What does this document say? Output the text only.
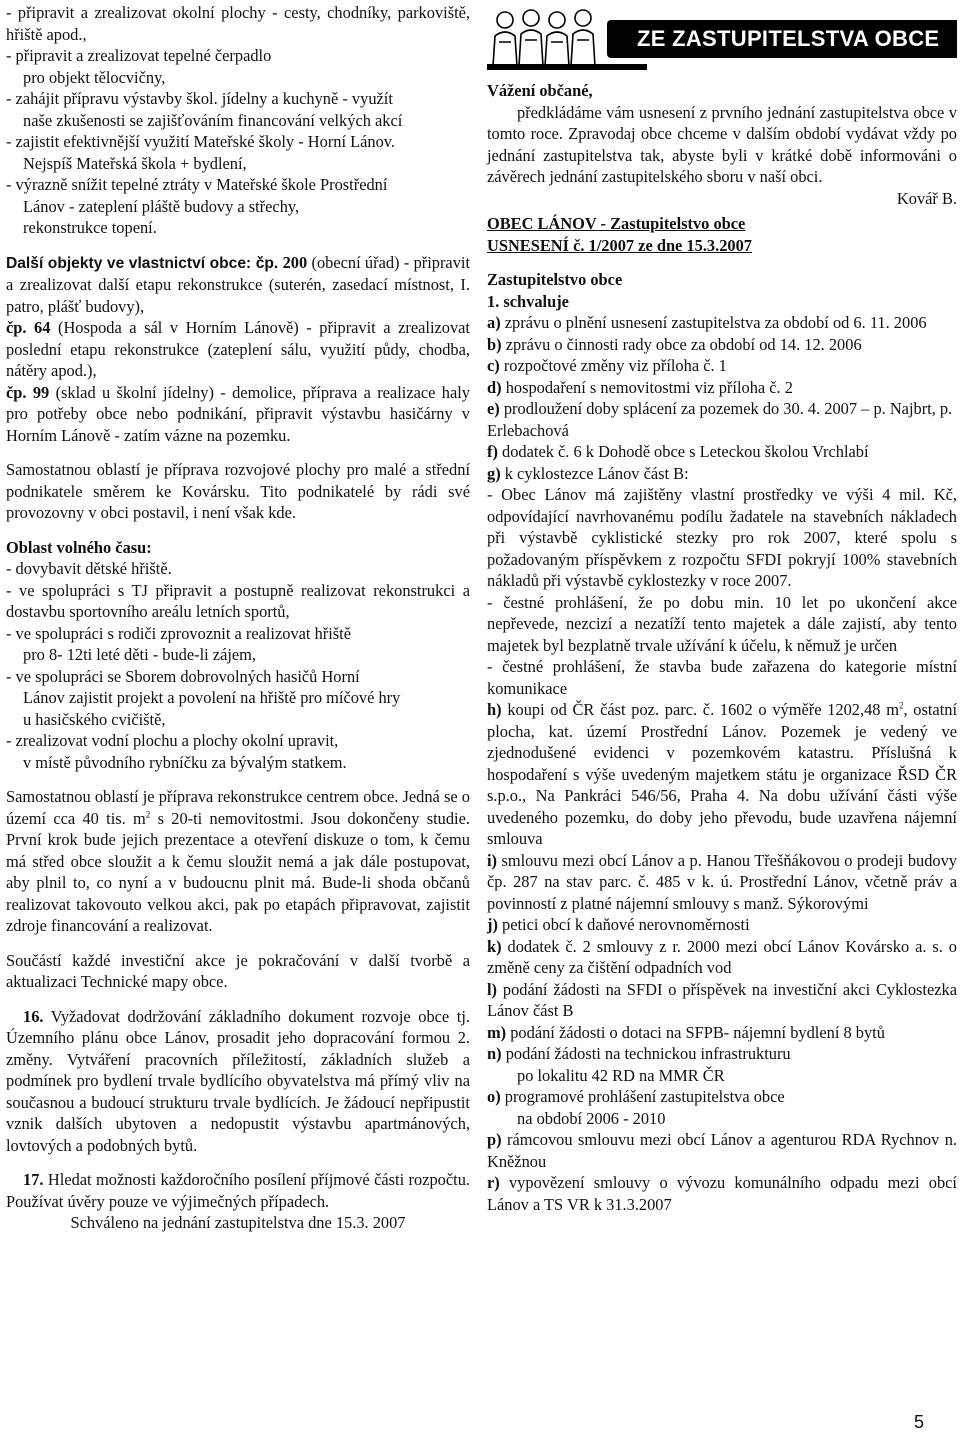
- připravit a zrealizovat okolní plochy - cesty, chodníky, parkoviště, hřiště apod.,

- připravit a zrealizovat tepelné čerpadlo

pro objekt tělocvičny,

- zahájit přípravu výstavby škol. jídelny a kuchyně - využít

naše zkušenosti se zajišťováním financování velkých akcí

- zajistit efektivnější využití Mateřské školy - Horní Lánov.

Nejspíš Mateřská škola + bydlení,

- výrazně snížit tepelné ztráty v Mateřské škole Prostřední

Lánov - zateplení pláště budovy a střechy,

rekonstrukce topení.

Další objekty ve vlastnictví obce: čp. 200 (obecní úřad) - připravit a zrealizovat další etapu rekonstrukce (suterén, zasedací místnost, I. patro, plášť budovy),

čp. 64 (Hospoda a sál v Horním Lánově) - připravit a zrealizovat poslední etapu rekonstrukce (zateplení sálu, využití půdy, chodba, nátěry apod.),

čp. 99 (sklad u školní jídelny) - demolice, příprava a realizace haly pro potřeby obce nebo podnikání, připravit výstavbu hasičárny v Horním Lánově - zatím vázne na pozemku.

Samostatnou oblastí je příprava rozvojové plochy pro malé a střední podnikatele směrem ke Kovársku. Tito podnikatelé by rádi své provozovny v obci postavil, i není však kde.

Oblast volného času:

- dovybavit dětské hřiště.

- ve spolupráci s TJ připravit a postupně realizovat rekonstrukci a dostavbu sportovního areálu letních sportů,

- ve spolupráci s rodiči zprovoznit a realizovat hřiště

pro 8- 12ti leté děti - bude-li zájem,

- ve spolupráci se Sborem dobrovolných hasičů Horní

Lánov zajistit projekt a povolení na hřiště pro míčové hry

u hasičského cvičiště,

- zrealizovat vodní plochu a plochy okolní upravit,

v místě původního rybníčku za bývalým statkem.

Samostatnou oblastí je příprava rekonstrukce centrem obce. Jedná se o území cca 40 tis. $m^2$ s 20-ti nemovitostmi. Jsou dokončeny studie. První krok bude jejich prezentace a otevření diskuze o tom, k čemu má střed obce sloužit a k čemu sloužit nemá a jak dále postupovat, aby plnil to, co nyní a v budoucnu plnit má. Bude-li shoda občanů realizovat takovouto velkou akci, pak po etapách připravovat, zajistit zdroje financování a realizovat.

Součástí každé investiční akce je pokračování v další tvorbě a aktualizaci Technické mapy obce.

16. Vyžadovat dodržování základního dokument rozvoje obce tj. Územního plánu obce Lánov, prosadit jeho dopracování formou 2. změny. Vytváření pracovních příležitostí, základních služeb a podmínek pro bydlení trvale bydlícího obyvatelstva má přímý vliv na současnou a budoucí strukturu trvale bydlících. Je žádoucí nepřipustit vznik dalších ubytoven a nedopustit výstavbu apartmánových, lovtových a podobných bytů.

17. Hledat možnosti každoročního posílení příjmové části rozpočtu. Používat úvěry pouze ve výjimečných případech.

Schváleno na jednání zastupitelstva dne 15.3. 2007

ZE ZASTUPITELSTVA OBCE

Vážení občané,

předkládáme vám usnesení z prvního jednání zastupitelstva obce v tomto roce. Zpravodaj obce chceme v dalším období vydávat vždy po jednání zastupitelstva tak, abyste byli v krátké době informováni o závěrech jednání zastupitelského sboru v naší obci.

Kovář B.

OBEC LÁNOV - Zastupitelstvo obce

USNESENÍ č. 1/2007 ze dne 15.3.2007

Zastupitelstvo obce

1. schvaluje

a) zprávu o plnění usnesení zastupitelstva za období od 6. 11. 2006

b) zprávu o činnosti rady obce za období od 14. 12. 2006

c) rozpočtové změny viz příloha č. 1

d) hospodaření s nemovitostmi viz příloha č. 2

e) prodloužení doby splácení za pozemek do 30. 4. 2007 – p. Najbrt, p. Erlebachová

f) dodatek č. 6 k Dohodě obce s Leteckou školou Vrchlabí

g) k cyklostezce Lánov část B:

- Obec Lánov má zajištěny vlastní prostředky ve výši 4 mil. Kč, odpovídající navrhovanému podílu žadatele na stavebních nákladech při výstavbě cyklistické stezky pro rok 2007, které spolu s požadovaným příspěvkem z rozpočtu SFDI pokryjí 100% stavebních nákladů při výstavbě cyklostezky v roce 2007.

- čestné prohlášení, že po dobu min. 10 let po ukončení akce nepřevede, nezcizí a nezatíží tento majetek a dále zajistí, aby tento majetek byl bezplatně trvale užívání k účelu, k němuž je určen

- čestné prohlášení, že stavba bude zařazena do kategorie místní komunikace

h) koupi od ČR část poz. parc. č. 1602 o výměře 1202,48 $m^2$, ostatní plocha, kat. území Prostřední Lánov. Pozemek je vedený ve zjednodušené evidenci v pozemkovém katastru. Příslušná k hospodaření s výše uvedeným majetkem státu je organizace ŘSD ČR s.p.o., Na Pankráci 546/56, Praha 4. Na dobu užívání části výše uvedeného pozemku, do doby jeho převodu, bude uzavřena nájemní smlouva

i) smlouvu mezi obcí Lánov a p. Hanou Třešňákovou o prodeji budovy čp. 287 na stav parc. č. 485 v k. ú. Prostřední Lánov, včetně práv a povinností z platné nájemní smlouvy s manž. Sýkorovými

j) petici obcí k daňové nerovnoměrnosti

k) dodatek č. 2 smlouvy z r. 2000 mezi obcí Lánov Kovársko a. s. o změně ceny za čištění odpadních vod

l) podání žádosti na SFDI o příspěvek na investiční akci Cyklostezka Lánov část B

m) podání žádosti o dotaci na SFPB- nájemní bydlení 8 bytů

n) podání žádosti na technickou infrastrukturu

po lokalitu 42 RD na MMR ČR

o) programové prohlášení zastupitelstva obce

na období 2006 - 2010

p) rámcovou smlouvu mezi obcí Lánov a agenturou RDA Rychnov n. Kněžnou

r) vypovězení smlouvy o vývozu komunálního odpadu mezi obcí Lánov a TS VR k 31.3.2007

5
